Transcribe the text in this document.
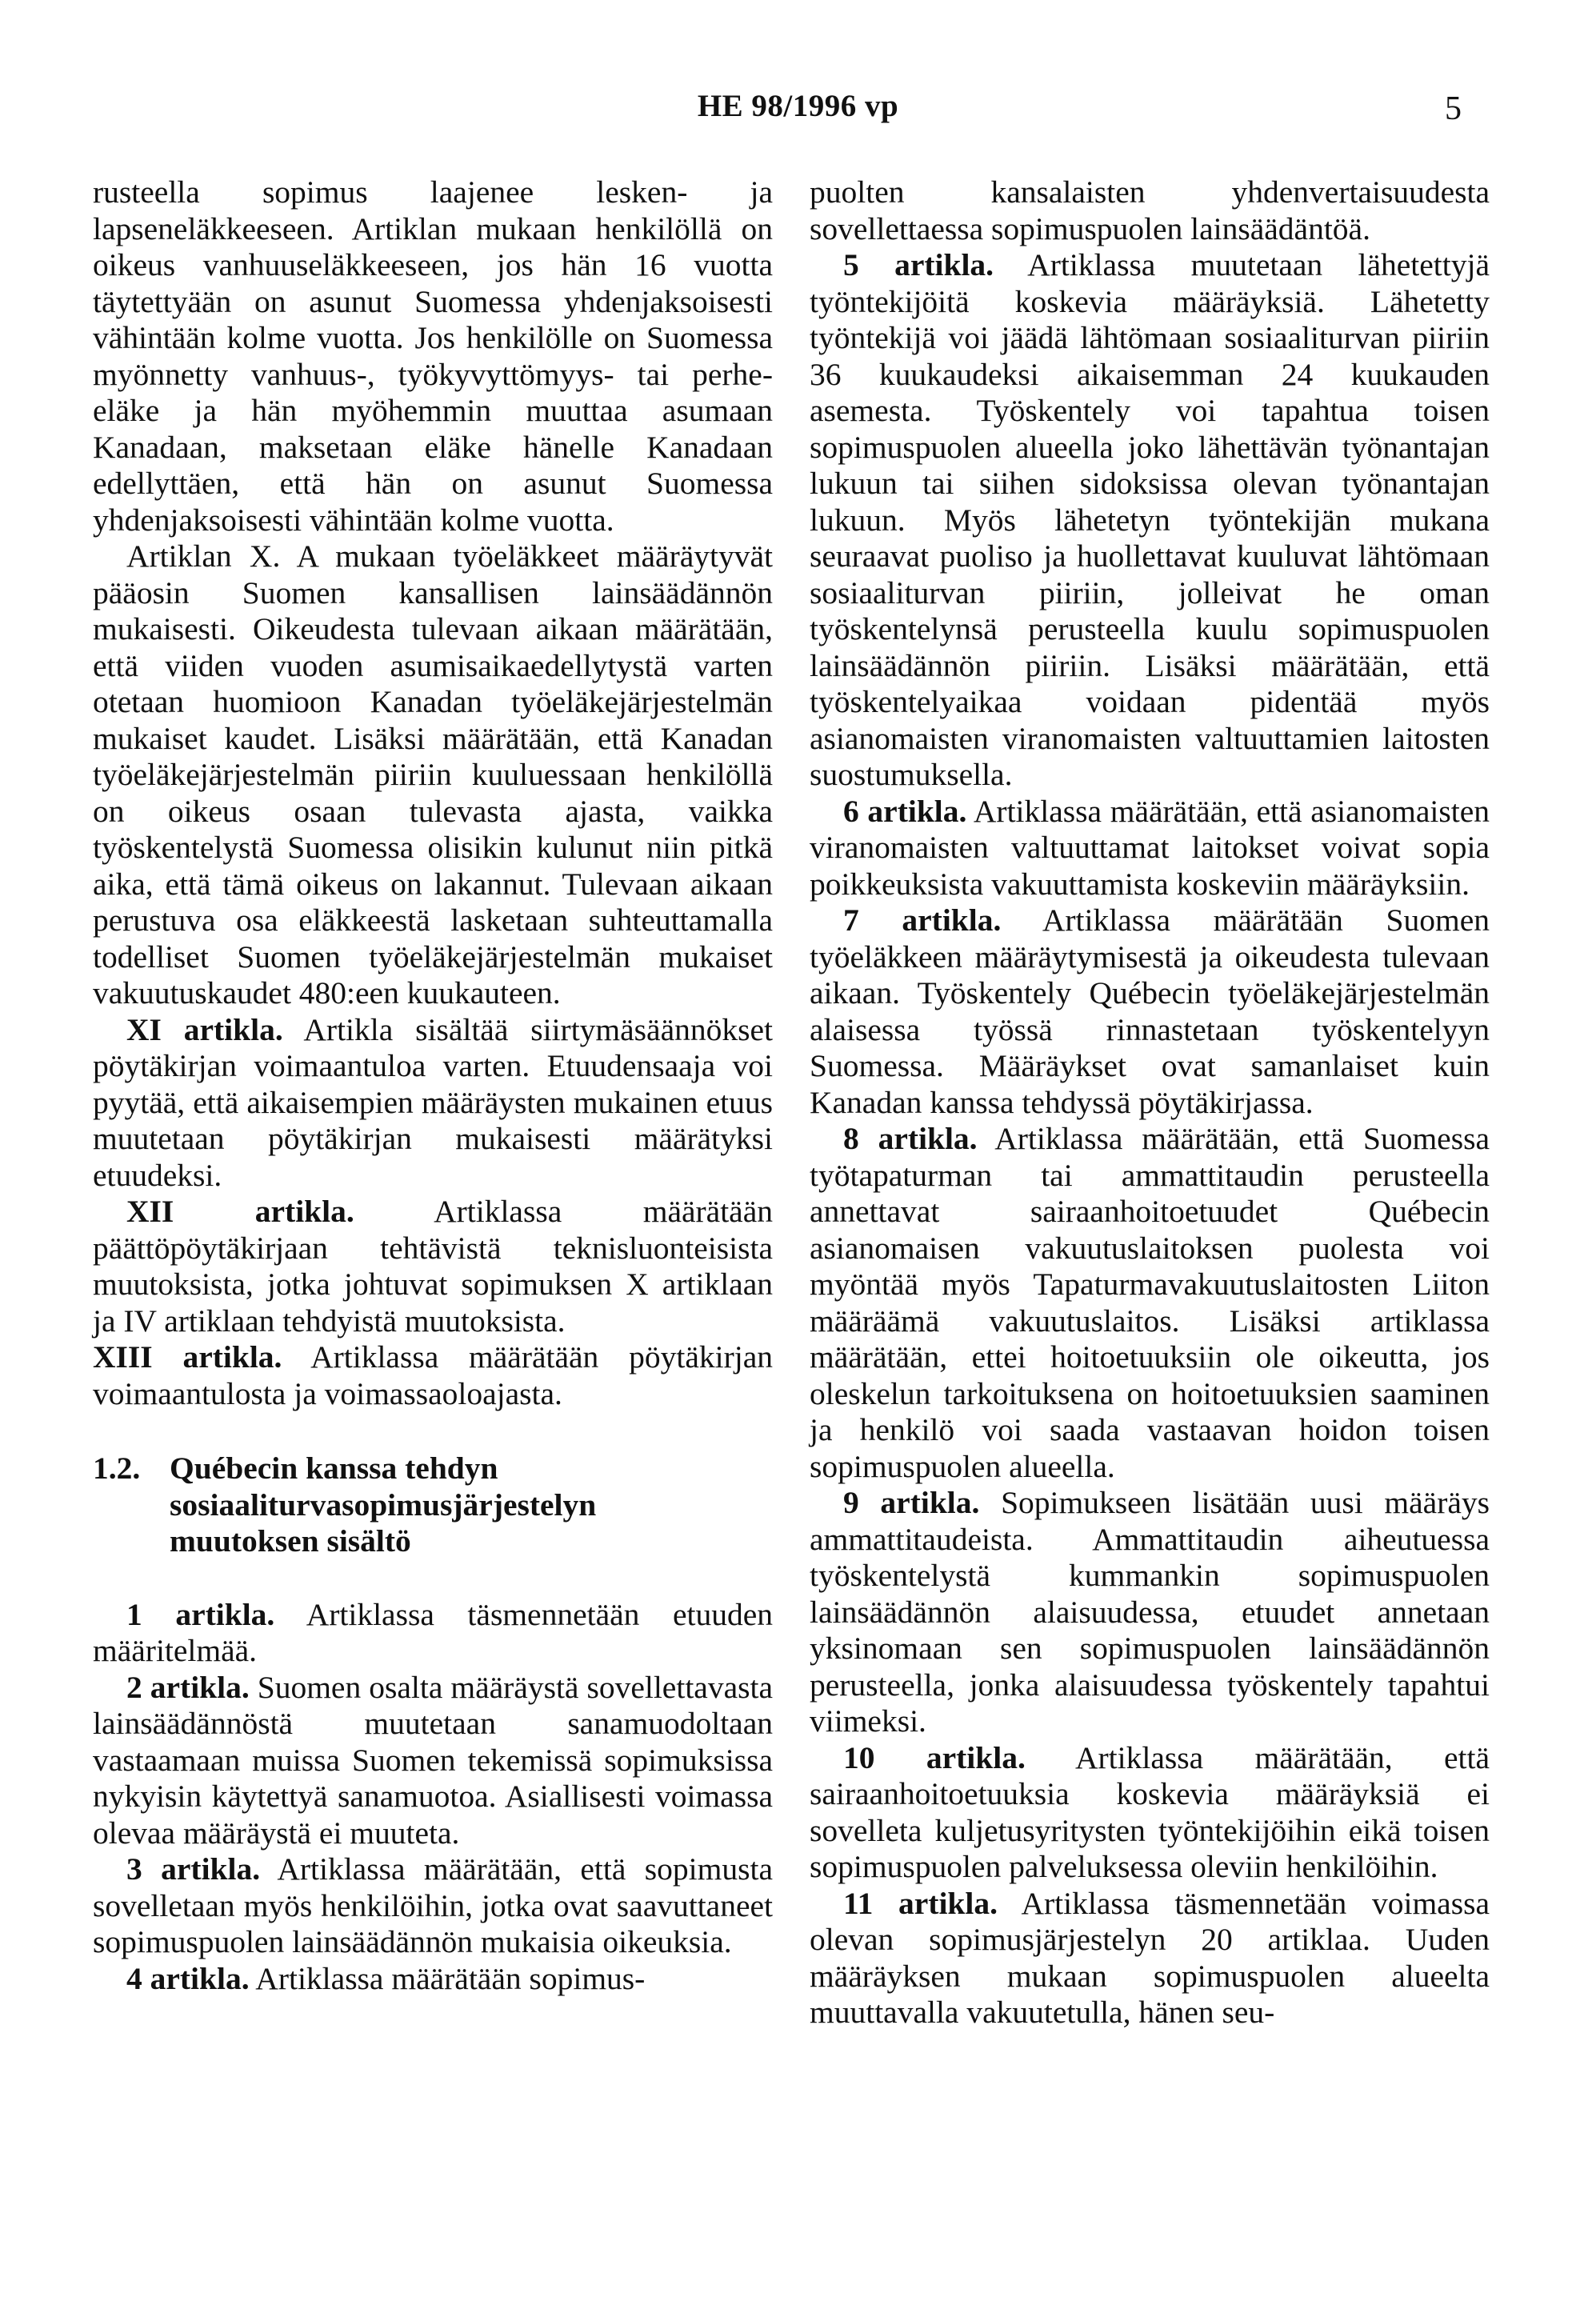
HE 98/1996 vp	5

rusteella sopimus laajenee lesken- ja lapseneläkkeeseen. Artiklan mukaan henkilöllä on oikeus vanhuuseläkkeeseen, jos hän 16 vuotta täytettyään on asunut Suomessa yhdenjaksoisesti vähintään kolme vuotta. Jos henkilölle on Suomessa myönnetty vanhuus-, työkyvyttömyys- tai perhe-eläke ja hän myöhemmin muuttaa asumaan Kanadaan, maksetaan eläke hänelle Kanadaan edellyttäen, että hän on asunut Suomessa yhdenjaksoisesti vähintään kolme vuotta.

Artiklan X. A mukaan työeläkkeet määräytyvät pääosin Suomen kansallisen lainsäädännön mukaisesti. Oikeudesta tulevaan aikaan määrätään, että viiden vuoden asumisaikaedellytystä varten otetaan huomioon Kanadan työeläkejärjestelmän mukaiset kaudet. Lisäksi määrätään, että Kanadan työeläkejärjestelmän piiriin kuuluessaan henkilöllä on oikeus osaan tulevasta ajasta, vaikka työskentelystä Suomessa olisikin kulunut niin pitkä aika, että tämä oikeus on lakannut. Tulevaan aikaan perustuva osa eläkkeestä lasketaan suhteuttamalla todelliset Suomen työeläkejärjestelmän mukaiset vakuutuskaudet 480:een kuukauteen.

XI artikla. Artikla sisältää siirtymäsäännökset pöytäkirjan voimaantuloa varten. Etuudensaaja voi pyytää, että aikaisempien määräysten mukainen etuus muutetaan pöytäkirjan mukaisesti määrätyksi etuudeksi.

XII artikla. Artiklassa määrätään päättöpöytäkirjaan tehtävistä teknisluonteisista muutoksista, jotka johtuvat sopimuksen X artiklaan ja IV artiklaan tehdyistä muutoksista.

XIII artikla. Artiklassa määrätään pöytäkirjan voimaantulosta ja voimassaoloajasta.

1.2. Québecin kanssa tehdyn sosiaaliturvasopimusjärjestelyn muutoksen sisältö

1 artikla. Artiklassa täsmennetään etuuden määritelmää.

2 artikla. Suomen osalta määräystä sovellettavasta lainsäädännöstä muutetaan sanamuodoltaan vastaamaan muissa Suomen tekemissä sopimuksissa nykyisin käytettyä sanamuotoa. Asiallisesti voimassa olevaa määräystä ei muuteta.

3 artikla. Artiklassa määrätään, että sopimusta sovelletaan myös henkilöihin, jotka ovat saavuttaneet sopimuspuolen lainsäädännön mukaisia oikeuksia.

4 artikla. Artiklassa määrätään sopimus-

puolten kansalaisten yhdenvertaisuudesta sovellettaessa sopimuspuolen lainsäädäntöä.

5 artikla. Artiklassa muutetaan lähetettyjä työntekijöitä koskevia määräyksiä. Lähetetty työntekijä voi jäädä lähtömaan sosiaaliturvan piiriin 36 kuukaudeksi aikaisemman 24 kuukauden asemesta. Työskentely voi tapahtua toisen sopimuspuolen alueella joko lähettävän työnantajan lukuun tai siihen sidoksissa olevan työnantajan lukuun. Myös lähetetyn työntekijän mukana seuraavat puoliso ja huollettavat kuuluvat lähtömaan sosiaaliturvan piiriin, jolleivat he oman työskentelynsä perusteella kuulu sopimuspuolen lainsäädännön piiriin. Lisäksi määrätään, että työskentelyaikaa voidaan pidentää myös asianomaisten viranomaisten valtuuttamien laitosten suostumuksella.

6 artikla. Artiklassa määrätään, että asianomaisten viranomaisten valtuuttamat laitokset voivat sopia poikkeuksista vakuuttamista koskeviin määräyksiin.

7 artikla. Artiklassa määrätään Suomen työeläkkeen määräytymisestä ja oikeudesta tulevaan aikaan. Työskentely Québecin työeläkejärjestelmän alaisessa työssä rinnastetaan työskentelyyn Suomessa. Määräykset ovat samanlaiset kuin Kanadan kanssa tehdyssä pöytäkirjassa.

8 artikla. Artiklassa määrätään, että Suomessa työtapaturman tai ammattitaudin perusteella annettavat sairaanhoitoetuudet Québecin asianomaisen vakuutuslaitoksen puolesta voi myöntää myös Tapaturmavakuutuslaitosten Liiton määräämä vakuutuslaitos. Lisäksi artiklassa määrätään, ettei hoitoetuuksiin ole oikeutta, jos oleskelun tarkoituksena on hoitoetuuksien saaminen ja henkilö voi saada vastaavan hoidon toisen sopimuspuolen alueella.

9 artikla. Sopimukseen lisätään uusi määräys ammattitaudeista. Ammattitaudin aiheutuessa työskentelystä kummankin sopimuspuolen lainsäädännön alaisuudessa, etuudet annetaan yksinomaan sen sopimuspuolen lainsäädännön perusteella, jonka alaisuudessa työskentely tapahtui viimeksi.

10 artikla. Artiklassa määrätään, että sairaanhoitoetuuksia koskevia määräyksiä ei sovelleta kuljetusyritysten työntekijöihin eikä toisen sopimuspuolen palveluksessa oleviin henkilöihin.

11 artikla. Artiklassa täsmennetään voimassa olevan sopimusjärjestelyn 20 artiklaa. Uuden määräyksen mukaan sopimuspuolen alueelta muuttavalla vakuutetulla, hänen seu-
